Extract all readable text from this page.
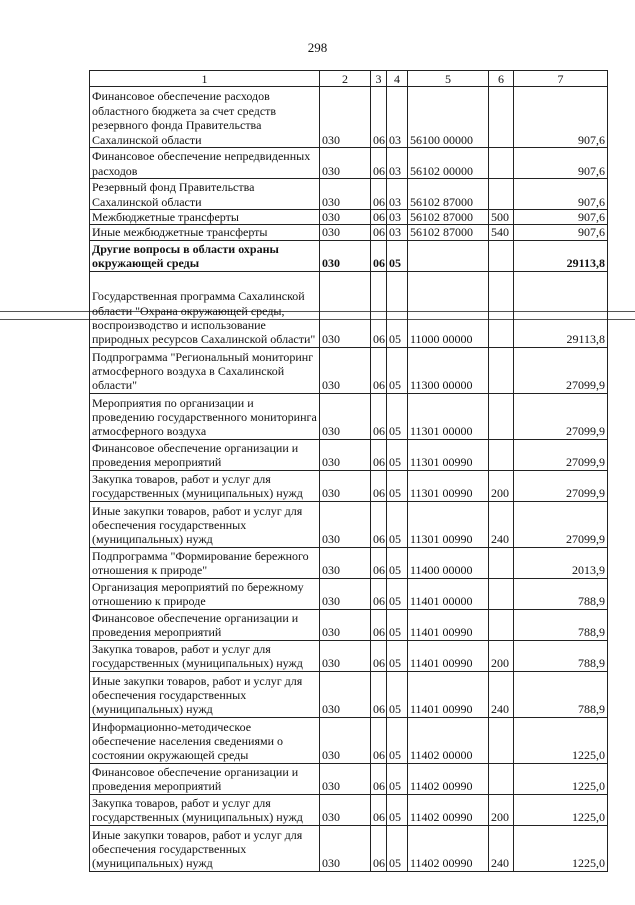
298
1	2	3	4	5	6	7
Финансовое обеспечение расходов областного бюджета за счет средств резервного фонда Правительства Сахалинской области	030	06	03	56100 00000		907,6
Финансовое обеспечение непредвиденных расходов	030	06	03	56102 00000		907,6
Резервный фонд Правительства Сахалинской области	030	06	03	56102 87000		907,6
Межбюджетные трансферты	030	06	03	56102 87000	500	907,6
Иные межбюджетные трансферты	030	06	03	56102 87000	540	907,6
Другие вопросы в области охраны окружающей среды	030	06	05			29113,8
Государственная программа Сахалинской области "Охрана окружающей среды, воспроизводство и использование природных ресурсов Сахалинской области"	030	06	05	11000 00000		29113,8
Подпрограмма "Региональный мониторинг атмосферного воздуха в Сахалинской области"	030	06	05	11300 00000		27099,9
Мероприятия по организации и проведению государственного мониторинга атмосферного воздуха	030	06	05	11301 00000		27099,9
Финансовое обеспечение организации и проведения мероприятий	030	06	05	11301 00990		27099,9
Закупка товаров, работ и услуг для государственных (муниципальных) нужд	030	06	05	11301 00990	200	27099,9
Иные закупки товаров, работ и услуг для обеспечения государственных (муниципальных) нужд	030	06	05	11301 00990	240	27099,9
Подпрограмма "Формирование бережного отношения к природе"	030	06	05	11400 00000		2013,9
Организация мероприятий по бережному отношению к природе	030	06	05	11401 00000		788,9
Финансовое обеспечение организации и проведения мероприятий	030	06	05	11401 00990		788,9
Закупка товаров, работ и услуг для государственных (муниципальных) нужд	030	06	05	11401 00990	200	788,9
Иные закупки товаров, работ и услуг для обеспечения государственных (муниципальных) нужд	030	06	05	11401 00990	240	788,9
Информационно-методическое обеспечение населения сведениями о состоянии окружающей среды	030	06	05	11402 00000		1225,0
Финансовое обеспечение организации и проведения мероприятий	030	06	05	11402 00990		1225,0
Закупка товаров, работ и услуг для государственных (муниципальных) нужд	030	06	05	11402 00990	200	1225,0
Иные закупки товаров, работ и услуг для обеспечения государственных (муниципальных) нужд	030	06	05	11402 00990	240	1225,0
